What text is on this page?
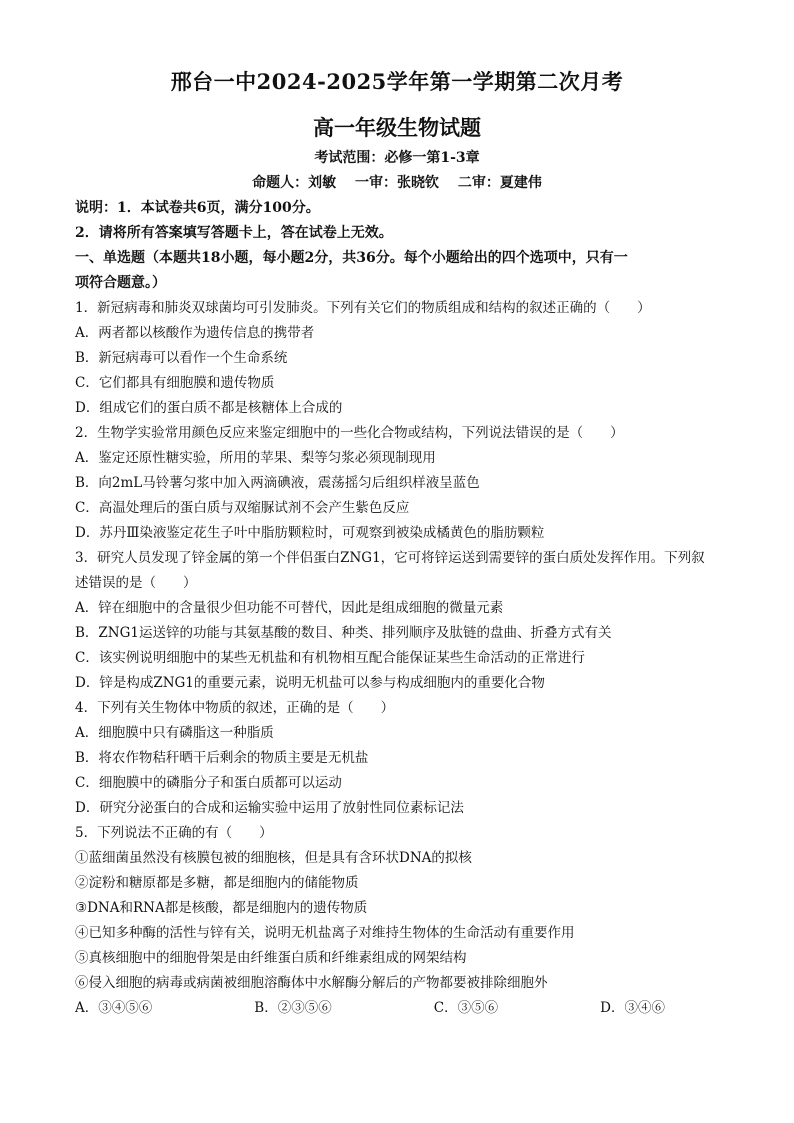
邢台一中2024-2025学年第一学期第二次月考
高一年级生物试题
考试范围：必修一第1-3章
命题人：刘敏 一审：张晓钦 二审：夏建伟
说明：1．本试卷共6页，满分100分。
2．请将所有答案填写答题卡上，答在试卷上无效。
一、单选题（本题共18小题，每小题2分，共36分。每个小题给出的四个选项中，只有一
项符合题意。）
1．新冠病毒和肺炎双球菌均可引发肺炎。下列有关它们的物质组成和结构的叙述正确的（　　）
A．两者都以核酸作为遗传信息的携带者
B．新冠病毒可以看作一个生命系统
C．它们都具有细胞膜和遗传物质
D．组成它们的蛋白质不都是核糖体上合成的
2．生物学实验常用颜色反应来鉴定细胞中的一些化合物或结构，下列说法错误的是（　　）
A．鉴定还原性糖实验，所用的苹果、梨等匀浆必须现制现用
B．向2mL马铃薯匀浆中加入两滴碘液，震荡摇匀后组织样液呈蓝色
C．高温处理后的蛋白质与双缩脲试剂不会产生紫色反应
D．苏丹Ⅲ染液鉴定花生子叶中脂肪颗粒时，可观察到被染成橘黄色的脂肪颗粒
3．研究人员发现了锌金属的第一个伴侣蛋白ZNG1，它可将锌运送到需要锌的蛋白质处发挥作用。下列叙
述错误的是（　　）
A．锌在细胞中的含量很少但功能不可替代，因此是组成细胞的微量元素
B．ZNG1运送锌的功能与其氨基酸的数目、种类、排列顺序及肽链的盘曲、折叠方式有关
C．该实例说明细胞中的某些无机盐和有机物相互配合能保证某些生命活动的正常进行
D．锌是构成ZNG1的重要元素，说明无机盐可以参与构成细胞内的重要化合物
4．下列有关生物体中物质的叙述，正确的是（　　）
A．细胞膜中只有磷脂这一种脂质
B．将农作物秸秆晒干后剩余的物质主要是无机盐
C．细胞膜中的磷脂分子和蛋白质都可以运动
D．研究分泌蛋白的合成和运输实验中运用了放射性同位素标记法
5．下列说法不正确的有（　　）
①蓝细菌虽然没有核膜包被的细胞核，但是具有含环状DNA的拟核
②淀粉和糖原都是多糖，都是细胞内的储能物质
③DNA和RNA都是核酸，都是细胞内的遗传物质
④已知多种酶的活性与锌有关，说明无机盐离子对维持生物体的生命活动有重要作用
⑤真核细胞中的细胞骨架是由纤维蛋白质和纤维素组成的网架结构
⑥侵入细胞的病毒或病菌被细胞溶酶体中水解酶分解后的产物都要被排除细胞外
A．③④⑤⑥	B．②③⑤⑥	C．③⑤⑥	D．③④⑥
